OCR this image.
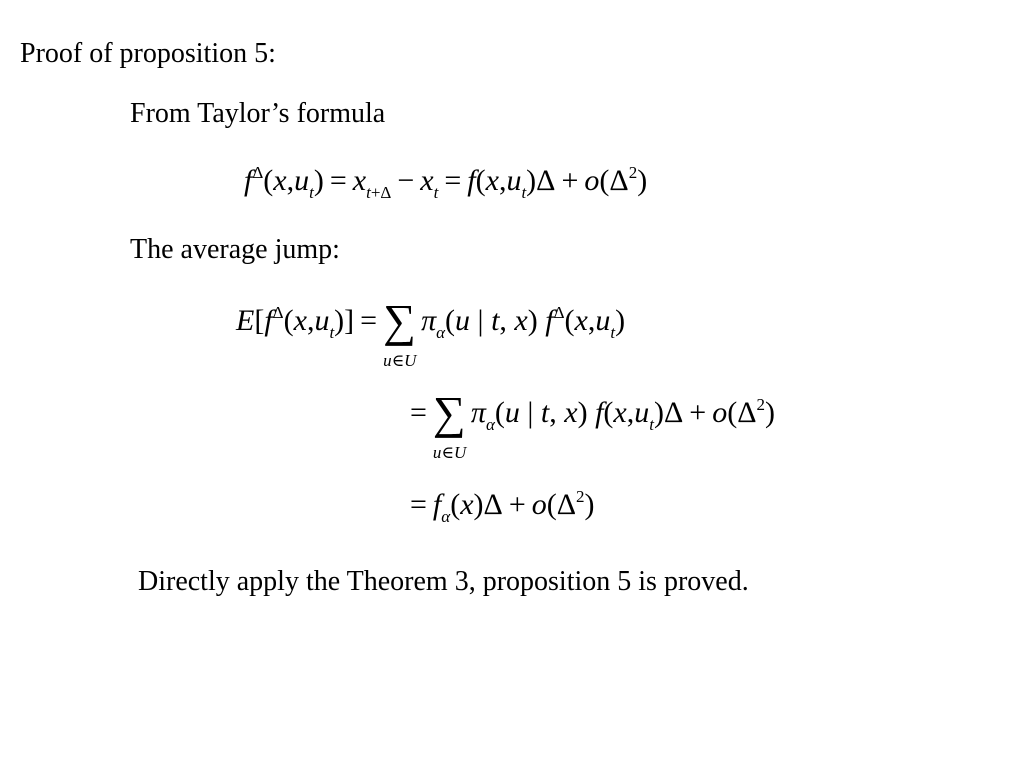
Proof of proposition 5:
From Taylor’s formula
$f^\Delta(x,u_t) = x_{t+\Delta} - x_t = f(x,u_t)\Delta + o(\Delta^2)$
The average jump:
$E[f^\Delta(x,u_t)]$ = ∑
u∈U
$\pi_\alpha(u$ | t, x) $f^\Delta(x,u_t)$
= ∑
u∈U
$\pi_\alpha(u$ | t, x) $f(x,u_t)\Delta + o(\Delta^2)$
= $f_\alpha(x)\Delta + o(\Delta^2)$
Directly apply the Theorem 3, proposition 5 is proved.
